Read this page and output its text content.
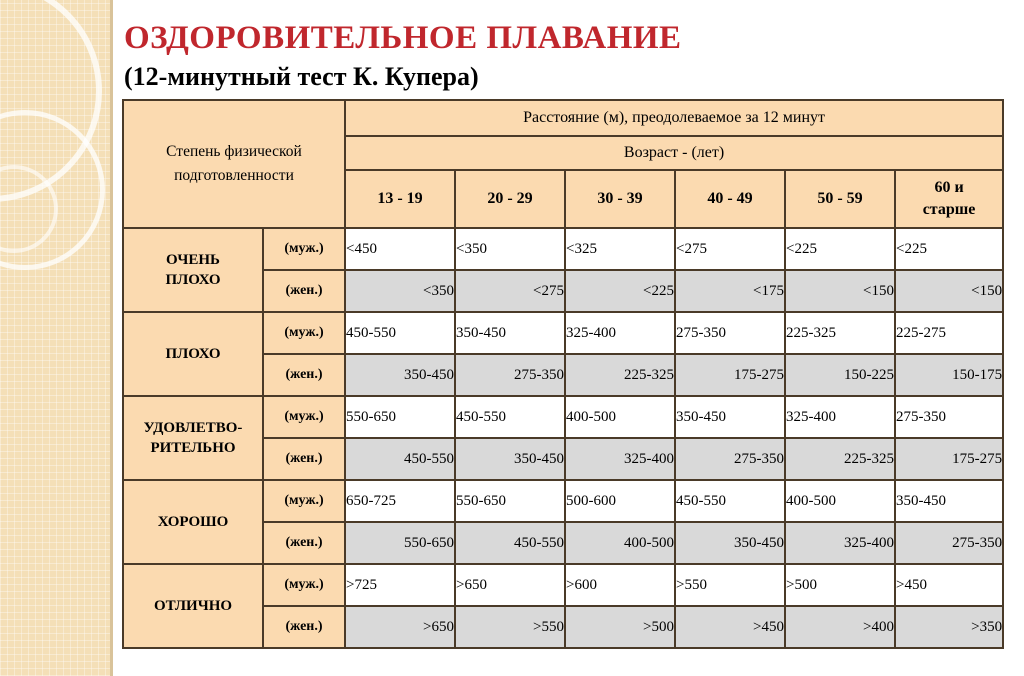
ОЗДОРОВИТЕЛЬНОЕ ПЛАВАНИЕ
(12-минутный тест К. Купера)
Степень физической подготовленности		Расстояние (м), преодолеваемое за 12 минут					
		Возраст - (лет)					
		13 - 19	20 - 29	30 - 39	40 - 49	50 - 59	60 и старше
ОЧЕНЬ ПЛОХО	(муж.)	<450	<350	<325	<275	<225	<225
	(жен.)	<350	<275	<225	<175	<150	<150
ПЛОХО	(муж.)	450-550	350-450	325-400	275-350	225-325	225-275
	(жен.)	350-450	275-350	225-325	175-275	150-225	150-175
УДОВЛЕТВО-РИТЕЛЬНО	(муж.)	550-650	450-550	400-500	350-450	325-400	275-350
	(жен.)	450-550	350-450	325-400	275-350	225-325	175-275
ХОРОШО	(муж.)	650-725	550-650	500-600	450-550	400-500	350-450
	(жен.)	550-650	450-550	400-500	350-450	325-400	275-350
ОТЛИЧНО	(муж.)	>725	>650	>600	>550	>500	>450
	(жен.)	>650	>550	>500	>450	>400	>350
